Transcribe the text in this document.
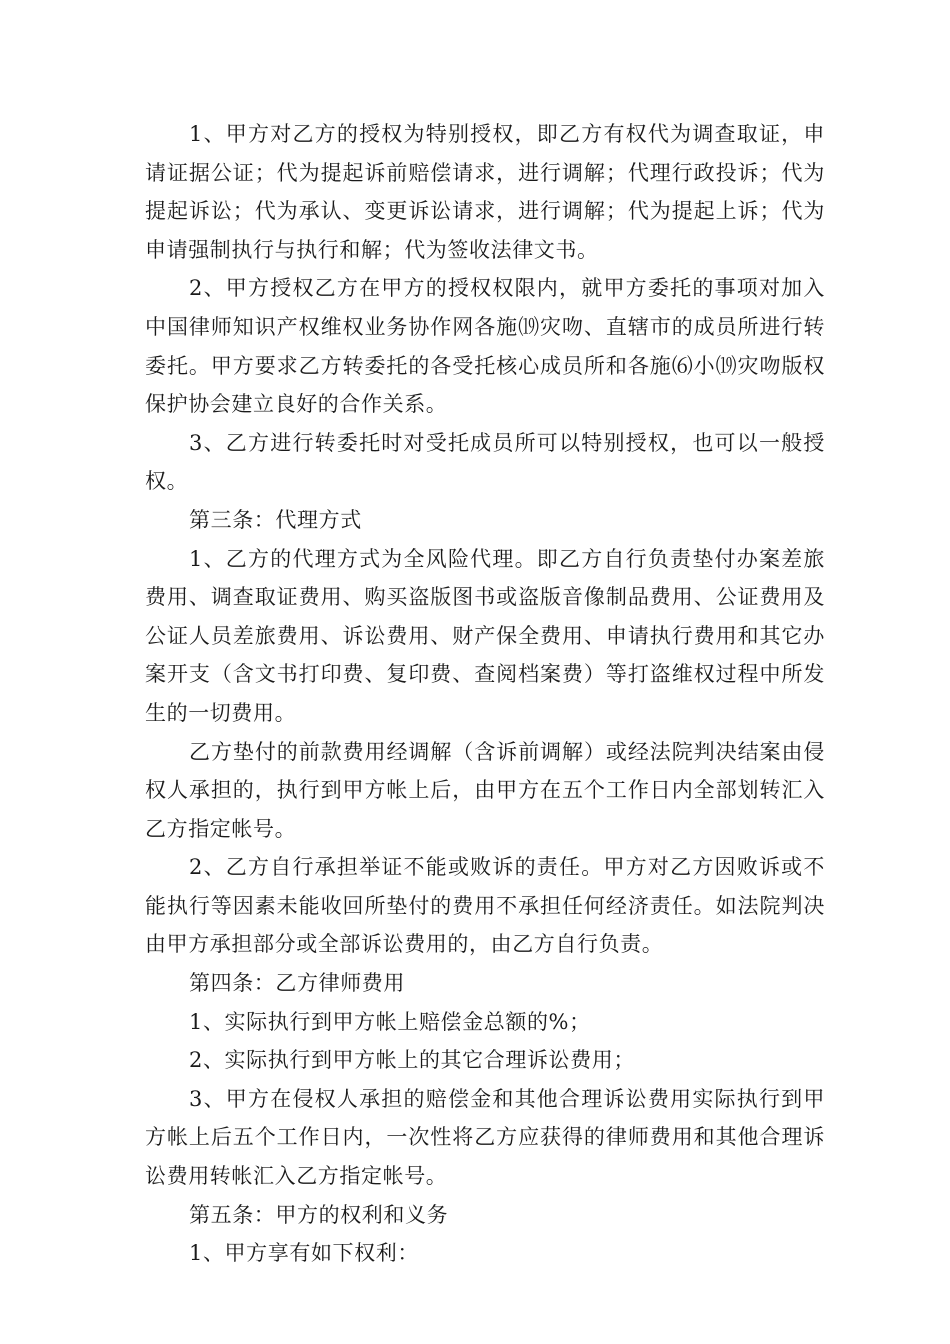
1、甲方对乙方的授权为特别授权，即乙方有权代为调查取证，申请证据公证；代为提起诉前赔偿请求，进行调解；代理行政投诉；代为提起诉讼；代为承认、变更诉讼请求，进行调解；代为提起上诉；代为申请强制执行与执行和解；代为签收法律文书。

2、甲方授权乙方在甲方的授权权限内，就甲方委托的事项对加入中国律师知识产权维权业务协作网各施⒆灾吻、直辖市的成员所进行转委托。甲方要求乙方转委托的各受托核心成员所和各施⑹小⒆灾吻版权保护协会建立良好的合作关系。

3、乙方进行转委托时对受托成员所可以特别授权，也可以一般授权。

第三条：代理方式

1、乙方的代理方式为全风险代理。即乙方自行负责垫付办案差旅费用、调查取证费用、购买盗版图书或盗版音像制品费用、公证费用及公证人员差旅费用、诉讼费用、财产保全费用、申请执行费用和其它办案开支（含文书打印费、复印费、查阅档案费）等打盗维权过程中所发生的一切费用。

乙方垫付的前款费用经调解（含诉前调解）或经法院判决结案由侵权人承担的，执行到甲方帐上后，由甲方在五个工作日内全部划转汇入乙方指定帐号。

2、乙方自行承担举证不能或败诉的责任。甲方对乙方因败诉或不能执行等因素未能收回所垫付的费用不承担任何经济责任。如法院判决由甲方承担部分或全部诉讼费用的，由乙方自行负责。

第四条：乙方律师费用

1、实际执行到甲方帐上赔偿金总额的%；

2、实际执行到甲方帐上的其它合理诉讼费用；

3、甲方在侵权人承担的赔偿金和其他合理诉讼费用实际执行到甲方帐上后五个工作日内，一次性将乙方应获得的律师费用和其他合理诉讼费用转帐汇入乙方指定帐号。

第五条：甲方的权利和义务

1、甲方享有如下权利：
